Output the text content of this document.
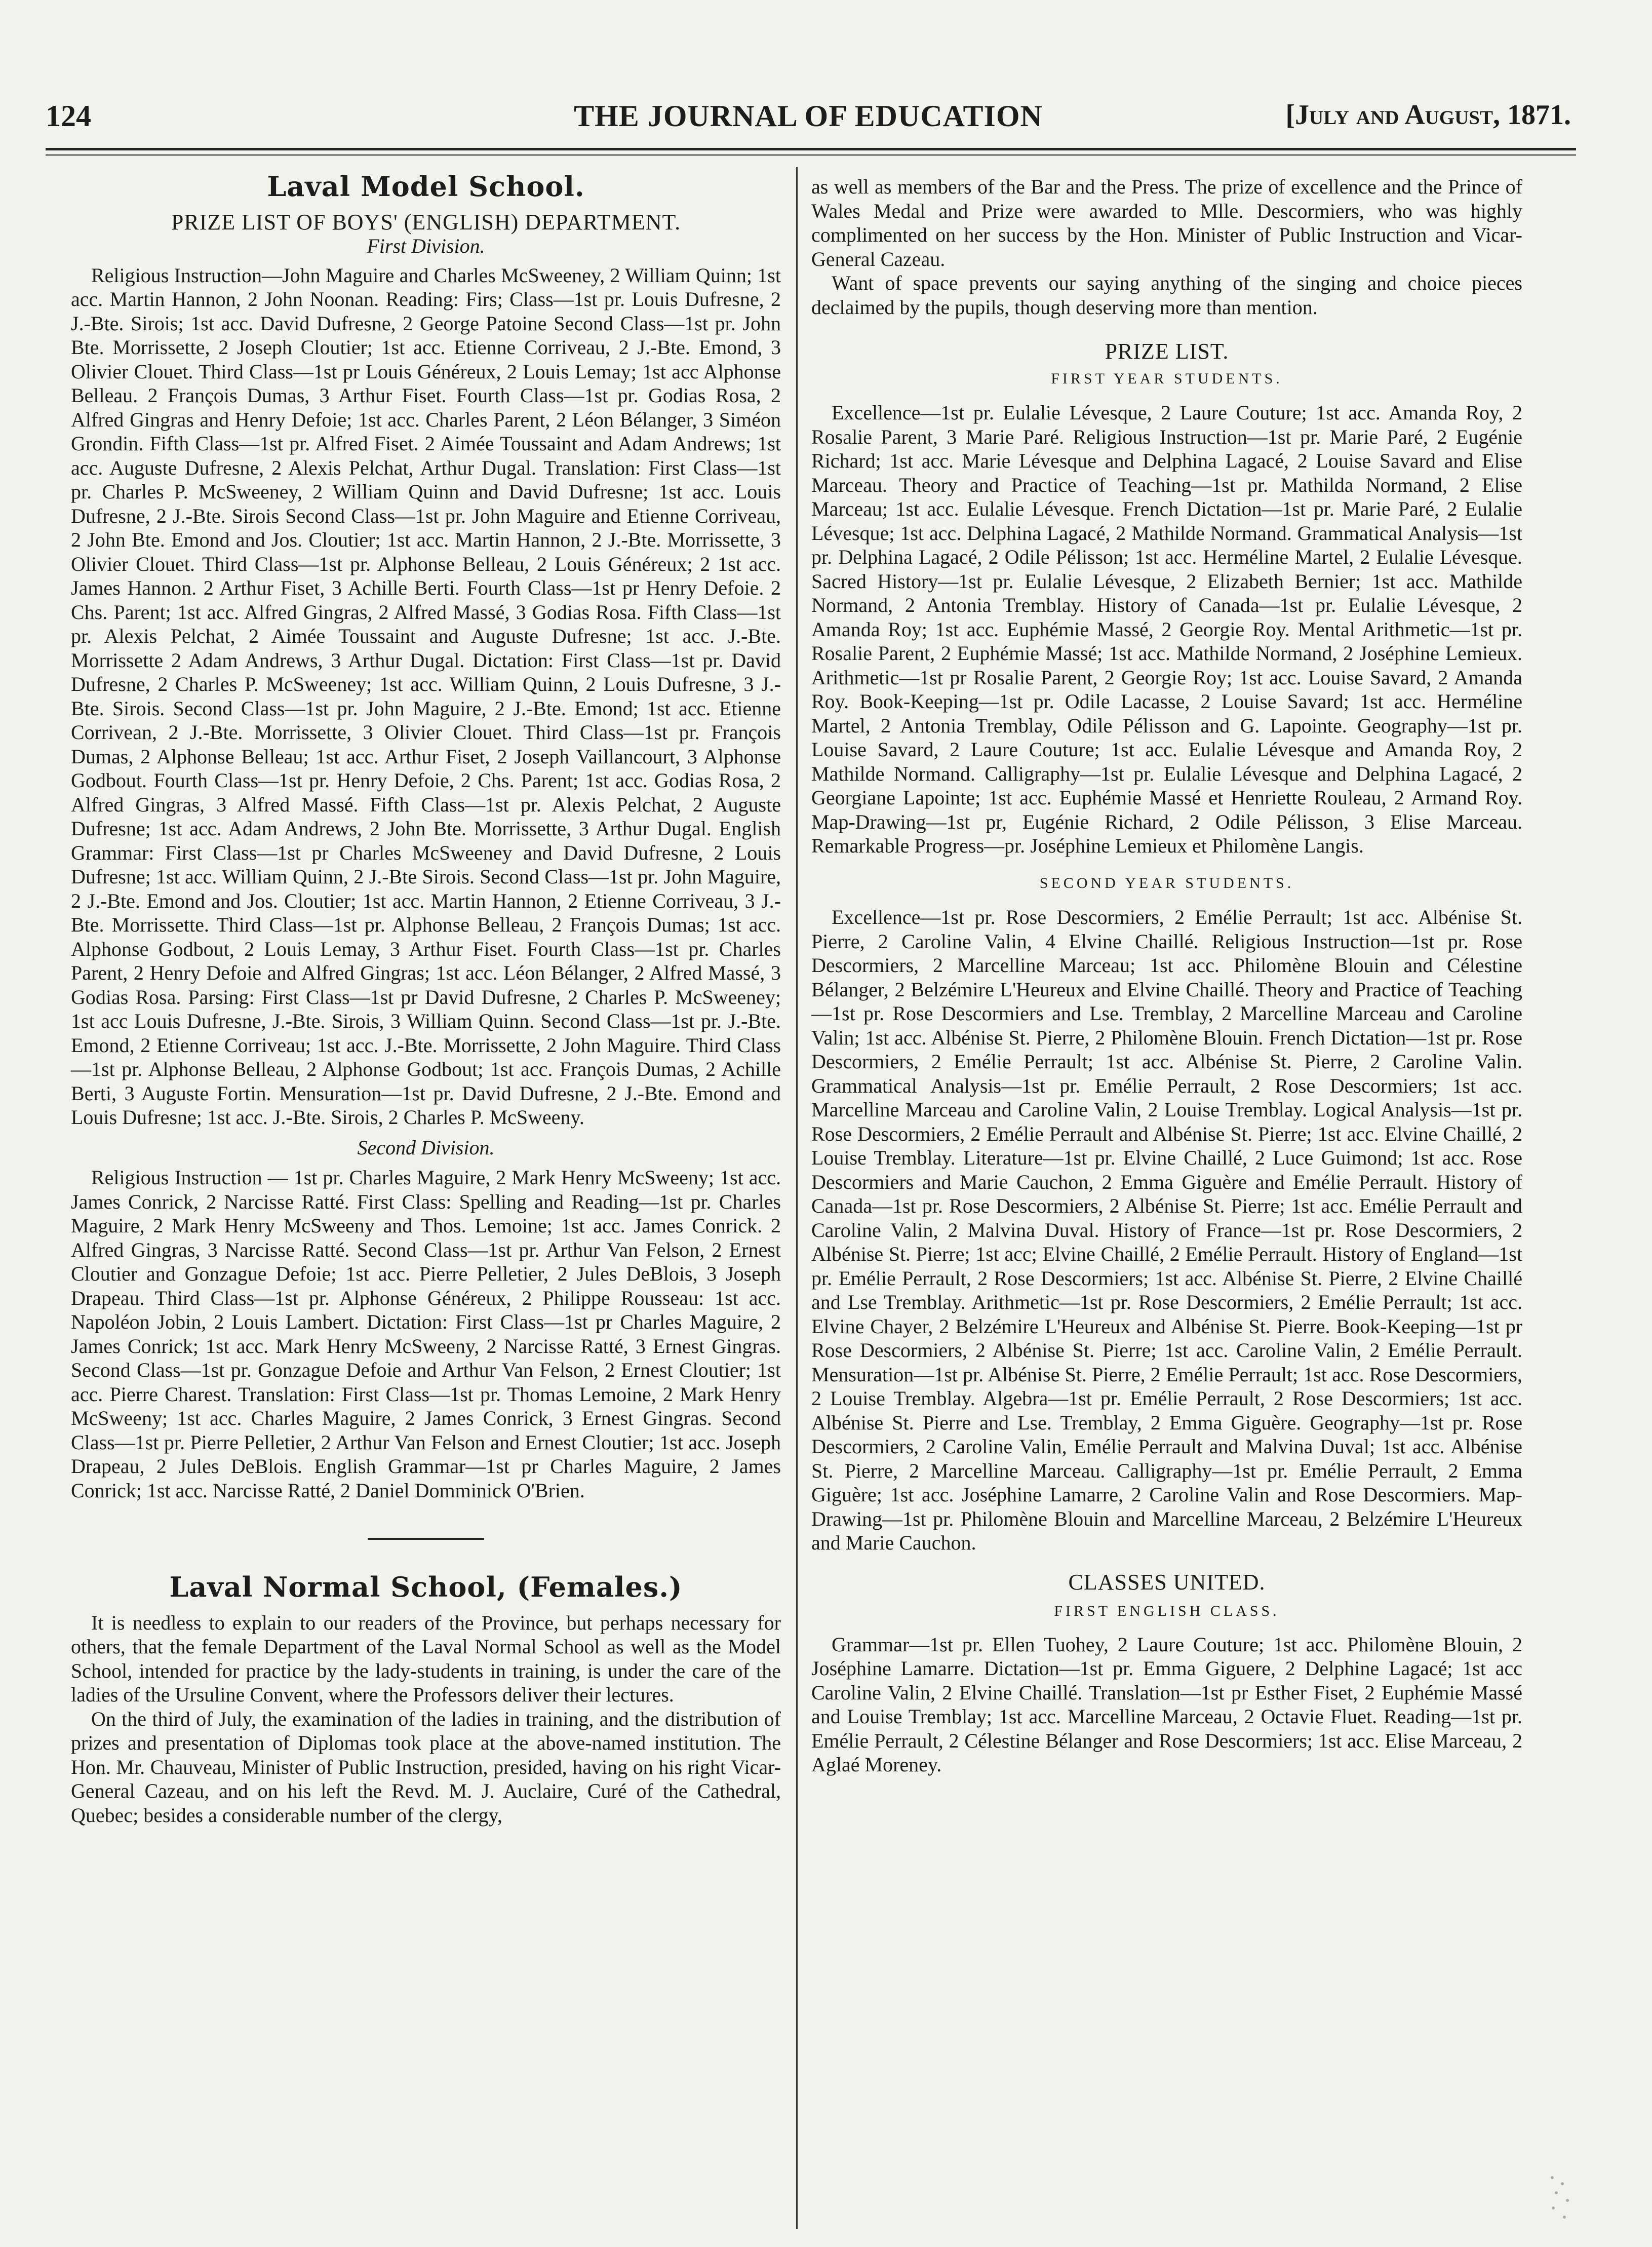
124	THE JOURNAL OF EDUCATION	[July and August, 1871.
Laval Model School.
PRIZE LIST OF BOYS' (ENGLISH) DEPARTMENT.
First Division.

Religious Instruction—John Maguire and Charles McSweeney, 2 William Quinn; 1st acc. Martin Hannon, 2 John Noonan. Reading: Firs; Class—1st pr. Louis Dufresne, 2 J.-Bte. Sirois; 1st acc. David Dufresne, 2 George Patoine Second Class—1st pr. John Bte. Morrissette, 2 Joseph Cloutier; 1st acc. Etienne Corriveau, 2 J.-Bte. Emond, 3 Olivier Clouet. Third Class—1st pr Louis Généreux, 2 Louis Lemay; 1st acc Alphonse Belleau. 2 François Dumas, 3 Arthur Fiset. Fourth Class—1st pr. Godias Rosa, 2 Alfred Gingras and Henry Defoie; 1st acc. Charles Parent, 2 Léon Bélanger, 3 Siméon Grondin. Fifth Class—1st pr. Alfred Fiset. 2 Aimée Toussaint and Adam Andrews; 1st acc. Auguste Dufresne, 2 Alexis Pelchat, Arthur Dugal. Translation: First Class—1st pr. Charles P. McSweeney, 2 William Quinn and David Dufresne; 1st acc. Louis Dufresne, 2 J.-Bte. Sirois Second Class—1st pr. John Maguire and Etienne Corriveau, 2 John Bte. Emond and Jos. Cloutier; 1st acc. Martin Hannon, 2 J.-Bte. Morrissette, 3 Olivier Clouet. Third Class—1st pr. Alphonse Belleau, 2 Louis Généreux; 2 1st acc. James Hannon. 2 Arthur Fiset, 3 Achille Berti. Fourth Class—1st pr Henry Defoie. 2 Chs. Parent; 1st acc. Alfred Gingras, 2 Alfred Massé, 3 Godias Rosa. Fifth Class—1st pr. Alexis Pelchat, 2 Aimée Toussaint and Auguste Dufresne; 1st acc. J.-Bte. Morrissette 2 Adam Andrews, 3 Arthur Dugal. Dictation: First Class—1st pr. David Dufresne, 2 Charles P. McSweeney; 1st acc. William Quinn, 2 Louis Dufresne, 3 J.-Bte. Sirois. Second Class—1st pr. John Maguire, 2 J.-Bte. Emond; 1st acc. Etienne Corrivean, 2 J.-Bte. Morrissette, 3 Olivier Clouet. Third Class—1st pr. François Dumas, 2 Alphonse Belleau; 1st acc. Arthur Fiset, 2 Joseph Vaillancourt, 3 Alphonse Godbout. Fourth Class—1st pr. Henry Defoie, 2 Chs. Parent; 1st acc. Godias Rosa, 2 Alfred Gingras, 3 Alfred Massé. Fifth Class—1st pr. Alexis Pelchat, 2 Auguste Dufresne; 1st acc. Adam Andrews, 2 John Bte. Morrissette, 3 Arthur Dugal. English Grammar: First Class—1st pr Charles McSweeney and David Dufresne, 2 Louis Dufresne; 1st acc. William Quinn, 2 J.-Bte Sirois. Second Class—1st pr. John Maguire, 2 J.-Bte. Emond and Jos. Cloutier; 1st acc. Martin Hannon, 2 Etienne Corriveau, 3 J.-Bte. Morrissette. Third Class—1st pr. Alphonse Belleau, 2 François Dumas; 1st acc. Alphonse Godbout, 2 Louis Lemay, 3 Arthur Fiset. Fourth Class—1st pr. Charles Parent, 2 Henry Defoie and Alfred Gingras; 1st acc. Léon Bélanger, 2 Alfred Massé, 3 Godias Rosa. Parsing: First Class—1st pr David Dufresne, 2 Charles P. McSweeney; 1st acc Louis Dufresne, J.-Bte. Sirois, 3 William Quinn. Second Class—1st pr. J.-Bte. Emond, 2 Etienne Corriveau; 1st acc. J.-Bte. Morrissette, 2 John Maguire. Third Class—1st pr. Alphonse Belleau, 2 Alphonse Godbout; 1st acc. François Dumas, 2 Achille Berti, 3 Auguste Fortin. Mensuration—1st pr. David Dufresne, 2 J.-Bte. Emond and Louis Dufresne; 1st acc. J.-Bte. Sirois, 2 Charles P. McSweeny.

Second Division.

Religious Instruction — 1st pr. Charles Maguire, 2 Mark Henry McSweeny; 1st acc. James Conrick, 2 Narcisse Ratté. First Class: Spelling and Reading—1st pr. Charles Maguire, 2 Mark Henry McSweeny and Thos. Lemoine; 1st acc. James Conrick. 2 Alfred Gingras, 3 Narcisse Ratté. Second Class—1st pr. Arthur Van Felson, 2 Ernest Cloutier and Gonzague Defoie; 1st acc. Pierre Pelletier, 2 Jules DeBlois, 3 Joseph Drapeau. Third Class—1st pr. Alphonse Généreux, 2 Philippe Rousseau: 1st acc. Napoléon Jobin, 2 Louis Lambert. Dictation: First Class—1st pr Charles Maguire, 2 James Conrick; 1st acc. Mark Henry McSweeny, 2 Narcisse Ratté, 3 Ernest Gingras. Second Class—1st pr. Gonzague Defoie and Arthur Van Felson, 2 Ernest Cloutier; 1st acc. Pierre Charest. Translation: First Class—1st pr. Thomas Lemoine, 2 Mark Henry McSweeny; 1st acc. Charles Maguire, 2 James Conrick, 3 Ernest Gingras. Second Class—1st pr. Pierre Pelletier, 2 Arthur Van Felson and Ernest Cloutier; 1st acc. Joseph Drapeau, 2 Jules DeBlois. English Grammar—1st pr Charles Maguire, 2 James Conrick; 1st acc. Narcisse Ratté, 2 Daniel Domminick O'Brien.

Laval Normal School, (Females.)

It is needless to explain to our readers of the Province, but perhaps necessary for others, that the female Department of the Laval Normal School as well as the Model School, intended for practice by the lady-students in training, is under the care of the ladies of the Ursuline Convent, where the Professors deliver their lectures.

On the third of July, the examination of the ladies in training, and the distribution of prizes and presentation of Diplomas took place at the above-named institution. The Hon. Mr. Chauveau, Minister of Public Instruction, presided, having on his right Vicar-General Cazeau, and on his left the Revd. M. J. Auclaire, Curé of the Cathedral, Quebec; besides a considerable number of the clergy,

as well as members of the Bar and the Press. The prize of excellence and the Prince of Wales Medal and Prize were awarded to Mlle. Descormiers, who was highly complimented on her success by the Hon. Minister of Public Instruction and Vicar-General Cazeau.

Want of space prevents our saying anything of the singing and choice pieces declaimed by the pupils, though deserving more than mention.

PRIZE LIST.
FIRST YEAR STUDENTS.

Excellence—1st pr. Eulalie Lévesque, 2 Laure Couture; 1st acc. Amanda Roy, 2 Rosalie Parent, 3 Marie Paré. Religious Instruction—1st pr. Marie Paré, 2 Eugénie Richard; 1st acc. Marie Lévesque and Delphina Lagacé, 2 Louise Savard and Elise Marceau. Theory and Practice of Teaching—1st pr. Mathilda Normand, 2 Elise Marceau; 1st acc. Eulalie Lévesque. French Dictation—1st pr. Marie Paré, 2 Eulalie Lévesque; 1st acc. Delphina Lagacé, 2 Mathilde Normand. Grammatical Analysis—1st pr. Delphina Lagacé, 2 Odile Pélisson; 1st acc. Herméline Martel, 2 Eulalie Lévesque. Sacred History—1st pr. Eulalie Lévesque, 2 Elizabeth Bernier; 1st acc. Mathilde Normand, 2 Antonia Tremblay. History of Canada—1st pr. Eulalie Lévesque, 2 Amanda Roy; 1st acc. Euphémie Massé, 2 Georgie Roy. Mental Arithmetic—1st pr. Rosalie Parent, 2 Euphémie Massé; 1st acc. Mathilde Normand, 2 Joséphine Lemieux. Arithmetic—1st pr Rosalie Parent, 2 Georgie Roy; 1st acc. Louise Savard, 2 Amanda Roy. Book-Keeping—1st pr. Odile Lacasse, 2 Louise Savard; 1st acc. Herméline Martel, 2 Antonia Tremblay, Odile Pélisson and G. Lapointe. Geography—1st pr. Louise Savard, 2 Laure Couture; 1st acc. Eulalie Lévesque and Amanda Roy, 2 Mathilde Normand. Calligraphy—1st pr. Eulalie Lévesque and Delphina Lagacé, 2 Georgiane Lapointe; 1st acc. Euphémie Massé et Henriette Rouleau, 2 Armand Roy. Map-Drawing—1st pr, Eugénie Richard, 2 Odile Pélisson, 3 Elise Marceau. Remarkable Progress—pr. Joséphine Lemieux et Philomène Langis.

SECOND YEAR STUDENTS.

Excellence—1st pr. Rose Descormiers, 2 Emélie Perrault; 1st acc. Albénise St. Pierre, 2 Caroline Valin, 4 Elvine Chaillé. Religious Instruction—1st pr. Rose Descormiers, 2 Marcelline Marceau; 1st acc. Philomène Blouin and Célestine Bélanger, 2 Belzémire L'Heureux and Elvine Chaillé. Theory and Practice of Teaching—1st pr. Rose Descormiers and Lse. Tremblay, 2 Marcelline Marceau and Caroline Valin; 1st acc. Albénise St. Pierre, 2 Philomène Blouin. French Dictation—1st pr. Rose Descormiers, 2 Emélie Perrault; 1st acc. Albénise St. Pierre, 2 Caroline Valin. Grammatical Analysis—1st pr. Emélie Perrault, 2 Rose Descormiers; 1st acc. Marcelline Marceau and Caroline Valin, 2 Louise Tremblay. Logical Analysis—1st pr. Rose Descormiers, 2 Emélie Perrault and Albénise St. Pierre; 1st acc. Elvine Chaillé, 2 Louise Tremblay. Literature—1st pr. Elvine Chaillé, 2 Luce Guimond; 1st acc. Rose Descormiers and Marie Cauchon, 2 Emma Giguère and Emélie Perrault. History of Canada—1st pr. Rose Descormiers, 2 Albénise St. Pierre; 1st acc. Emélie Perrault and Caroline Valin, 2 Malvina Duval. History of France—1st pr. Rose Descormiers, 2 Albénise St. Pierre; 1st acc; Elvine Chaillé, 2 Emélie Perrault. History of England—1st pr. Emélie Perrault, 2 Rose Descormiers; 1st acc. Albénise St. Pierre, 2 Elvine Chaillé and Lse Tremblay. Arithmetic—1st pr. Rose Descormiers, 2 Emélie Perrault; 1st acc. Elvine Chayer, 2 Belzémire L'Heureux and Albénise St. Pierre. Book-Keeping—1st pr Rose Descormiers, 2 Albénise St. Pierre; 1st acc. Caroline Valin, 2 Emélie Perrault. Mensuration—1st pr. Albénise St. Pierre, 2 Emélie Perrault; 1st acc. Rose Descormiers, 2 Louise Tremblay. Algebra—1st pr. Emélie Perrault, 2 Rose Descormiers; 1st acc. Albénise St. Pierre and Lse. Tremblay, 2 Emma Giguère. Geography—1st pr. Rose Descormiers, 2 Caroline Valin, Emélie Perrault and Malvina Duval; 1st acc. Albénise St. Pierre, 2 Marcelline Marceau. Calligraphy—1st pr. Emélie Perrault, 2 Emma Giguère; 1st acc. Joséphine Lamarre, 2 Caroline Valin and Rose Descormiers. Map-Drawing—1st pr. Philomène Blouin and Marcelline Marceau, 2 Belzémire L'Heureux and Marie Cauchon.

CLASSES UNITED.
FIRST ENGLISH CLASS.

Grammar—1st pr. Ellen Tuohey, 2 Laure Couture; 1st acc. Philomène Blouin, 2 Joséphine Lamarre. Dictation—1st pr. Emma Giguere, 2 Delphine Lagacé; 1st acc Caroline Valin, 2 Elvine Chaillé. Translation—1st pr Esther Fiset, 2 Euphémie Massé and Louise Tremblay; 1st acc. Marcelline Marceau, 2 Octavie Fluet. Reading—1st pr. Emélie Perrault, 2 Célestine Bélanger and Rose Descormiers; 1st acc. Elise Marceau, 2 Aglaé Moreney.
